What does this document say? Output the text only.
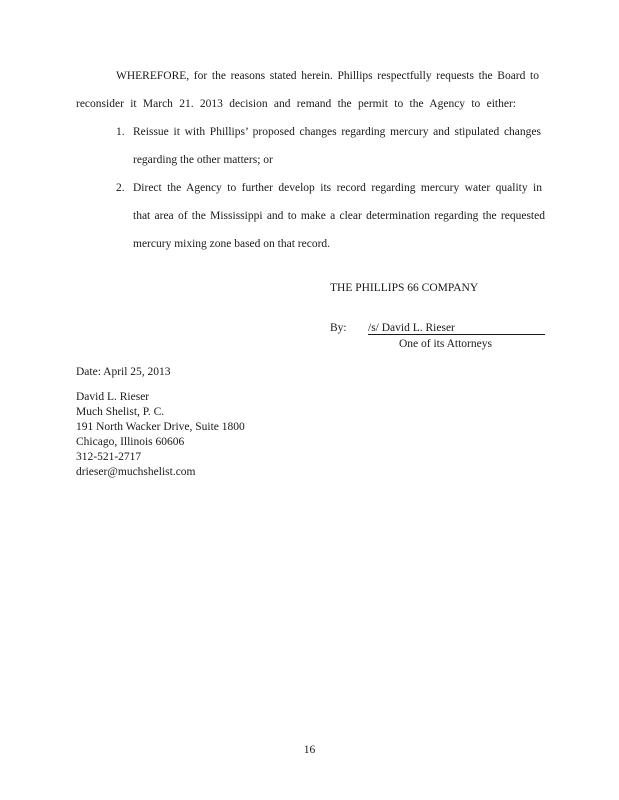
WHEREFORE, for the reasons stated herein. Phillips respectfully requests the Board to
reconsider it March 21. 2013 decision and remand the permit to the Agency to either:
1. Reissue it with Phillips’ proposed changes regarding mercury and stipulated changes
regarding the other matters; or
2. Direct the Agency to further develop its record regarding mercury water quality in
that area of the Mississippi and to make a clear determination regarding the requested
mercury mixing zone based on that record.
THE PHILLIPS 66 COMPANY
By: /s/ David L. Rieser
One of its Attorneys
Date: April 25, 2013
David L. Rieser
Much Shelist, P. C.
191 North Wacker Drive, Suite 1800
Chicago, Illinois 60606
312-521-2717
drieser@muchshelist.com
16
